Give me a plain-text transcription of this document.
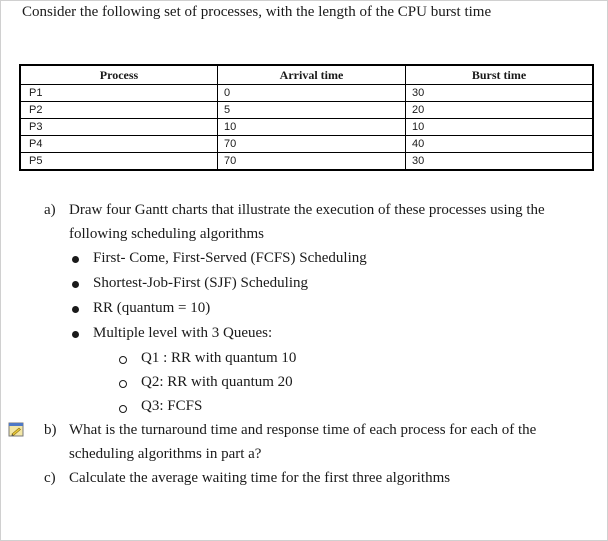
Consider the following set of processes, with the length of the CPU burst time
Process	Arrival time	Burst time
P1	0	30
P2	5	20
P3	10	10
P4	70	40
P5	70	30
a) Draw four Gantt charts that illustrate the execution of these processes using the
following scheduling algorithms
First- Come, First-Served (FCFS) Scheduling
Shortest-Job-First (SJF) Scheduling
RR (quantum = 10)
Multiple level with 3 Queues:
Q1 : RR with quantum 10
Q2: RR with quantum 20
Q3: FCFS
b) What is the turnaround time and response time of each process for each of the
scheduling algorithms in part a?
c) Calculate the average waiting time for the first three algorithms
